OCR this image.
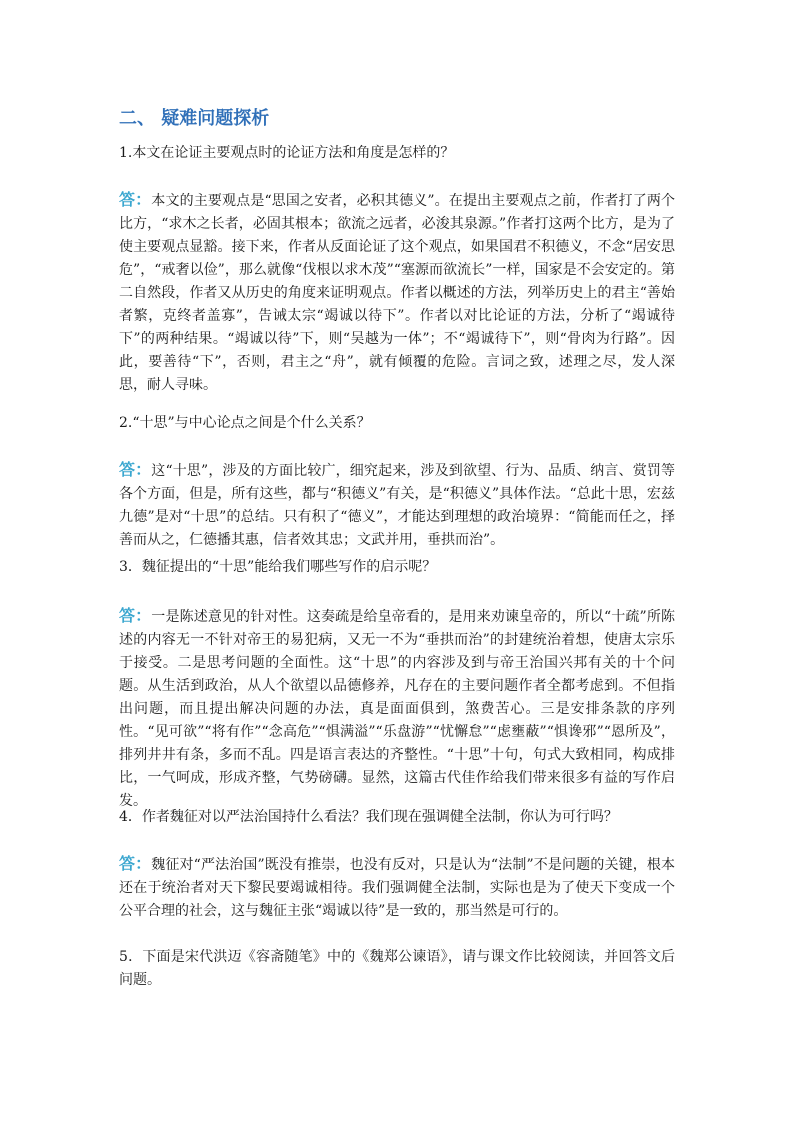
二、 疑难问题探析
1.本文在论证主要观点时的论证方法和角度是怎样的？
答：本文的主要观点是“思国之安者，必积其德义”。在提出主要观点之前，作者打了两个比方，“求木之长者，必固其根本；欲流之远者，必浚其泉源。”作者打这两个比方，是为了使主要观点显豁。接下来，作者从反面论证了这个观点，如果国君不积德义，不念“居安思危”，“戒奢以俭”，那么就像“伐根以求木茂”“塞源而欲流长”一样，国家是不会安定的。第二自然段，作者又从历史的角度来证明观点。作者以概述的方法，列举历史上的君主“善始者繁，克终者盖寡”，告诫太宗“竭诚以待下”。作者以对比论证的方法，分析了“竭诚待下”的两种结果。“竭诚以待”下，则“吴越为一体”；不“竭诚待下”，则“骨肉为行路”。因此，要善待“下”，否则，君主之“舟”，就有倾覆的危险。言词之致，述理之尽，发人深思，耐人寻味。
2.“十思”与中心论点之间是个什么关系？
答：这“十思”，涉及的方面比较广，细究起来，涉及到欲望、行为、品质、纳言、赏罚等各个方面，但是，所有这些，都与“积德义”有关，是“积德义”具体作法。“总此十思，宏兹九德”是对“十思”的总结。只有积了“德义”，才能达到理想的政治境界：“简能而任之，择善而从之，仁德播其惠，信者效其忠；文武并用，垂拱而治”。
3．魏征提出的“十思”能给我们哪些写作的启示呢？
答：一是陈述意见的针对性。这奏疏是给皇帝看的，是用来劝谏皇帝的，所以“十疏”所陈述的内容无一不针对帝王的易犯病，又无一不为“垂拱而治”的封建统治着想，使唐太宗乐于接受。二是思考问题的全面性。这“十思”的内容涉及到与帝王治国兴邦有关的十个问题。从生活到政治，从人个欲望以品德修养，凡存在的主要问题作者全都考虑到。不但指出问题，而且提出解决问题的办法，真是面面俱到，煞费苦心。三是安排条款的序列性。“见可欲”“将有作”“念高危”“惧满溢”“乐盘游”“忧懈怠”“虑壅蔽”“惧谗邪”“恩所及”，排列井井有条，多而不乱。四是语言表达的齐整性。“十思”十句，句式大致相同，构成排比，一气呵成，形成齐整，气势磅礴。显然，这篇古代佳作给我们带来很多有益的写作启发。
4．作者魏征对以严法治国持什么看法？我们现在强调健全法制，你认为可行吗？
答：魏征对“严法治国”既没有推崇，也没有反对，只是认为“法制”不是问题的关键，根本还在于统治者对天下黎民要竭诚相待。我们强调健全法制，实际也是为了使天下变成一个公平合理的社会，这与魏征主张“竭诚以待”是一致的，那当然是可行的。
5．下面是宋代洪迈《容斋随笔》中的《魏郑公谏语》，请与课文作比较阅读，并回答文后问题。
